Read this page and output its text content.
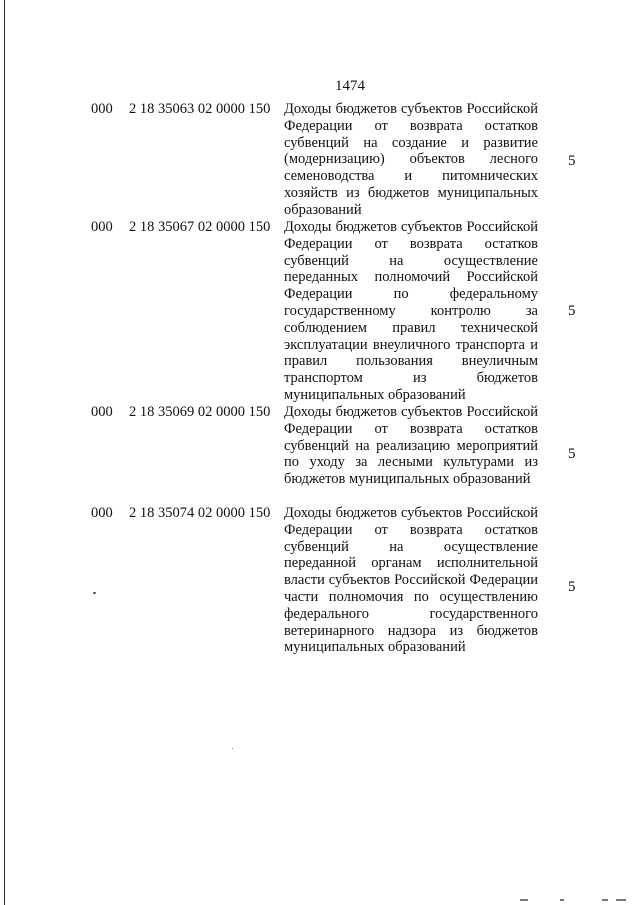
1474
000 2 18 35063 02 0000 150 Доходы бюджетов субъектов Российской Федерации от возврата остатков субвенций на создание и развитие (модернизацию) объектов лесного семеноводства и питомнических хозяйств из бюджетов муниципальных образований
5
000 2 18 35067 02 0000 150 Доходы бюджетов субъектов Российской Федерации от возврата остатков субвенций на осуществление переданных полномочий Российской Федерации по федеральному государственному контролю за соблюдением правил технической эксплуатации внеуличного транспорта и правил пользования внеуличным транспортом из бюджетов муниципальных образований
5
000 2 18 35069 02 0000 150 Доходы бюджетов субъектов Российской Федерации от возврата остатков субвенций на реализацию мероприятий по уходу за лесными культурами из бюджетов муниципальных образований
5
000 2 18 35074 02 0000 150 Доходы бюджетов субъектов Российской Федерации от возврата остатков субвенций на осуществление переданной органам исполнительной власти субъектов Российской Федерации части полномочия по осуществлению федерального государственного ветеринарного надзора из бюджетов муниципальных образований
5
